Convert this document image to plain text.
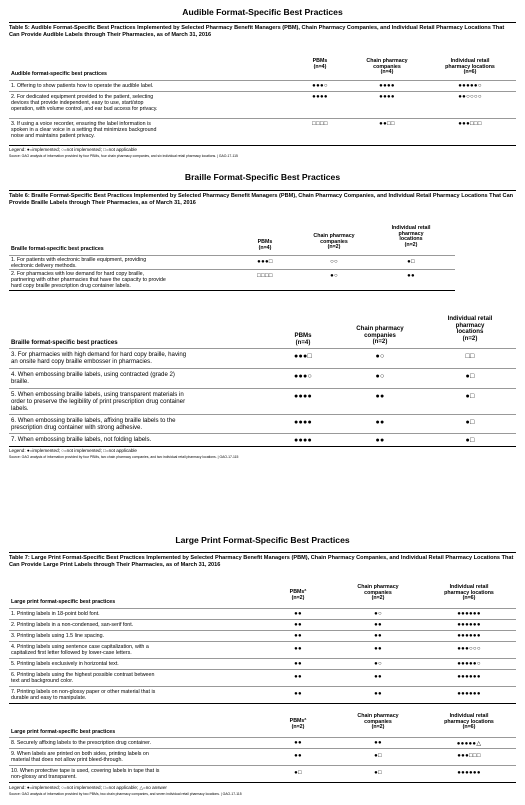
Audible Format-Specific Best Practices
Table 5: Audible Format-Specific Best Practices Implemented by Selected Pharmacy Benefit Managers (PBM), Chain Pharmacy Companies, and Individual Retail Pharmacy Locations That Can Provide Audible Labels through Their Pharmacies, as of March 31, 2016
Audible format-specific best practices
PBMs
(n=4)
Chain pharmacy
companies
(n=4)
Individual retail
pharmacy locations
(n=6)
1. Offering to show patients how to operate the audible label.	●●●○	●●●●	●●●●●○
2. For dedicated equipment provided to the patient, selecting
devices that provide independent, easy to use, start/stop
operation, with volume control, and ear bud access for privacy.
●●●●	●●●●	●●○○○○
3. If using a voice recorder, ensuring the label information is
spoken in a clear voice in a setting that minimizes background
noise and maintains patient privacy.
□□□□	●●□□	●●●□□□
Legend: ●=implemented; ○=not implemented; □=not applicable
Source: GAO analysis of information provided by four PBMs, four chain pharmacy companies, and six individual retail pharmacy locations. | GAO-17-115
Braille Format-Specific Best Practices
Table 6: Braille Format-Specific Best Practices Implemented by Selected Pharmacy Benefit Managers (PBM), Chain Pharmacy Companies, and Individual Retail Pharmacy Locations That Can Provide Braille Labels through Their Pharmacies, as of March 31, 2016
Braille format-specific best practices
PBMs
(n=4)
Chain pharmacy
companies
(n=2)
Individual retail
pharmacy
locations
(n=2)
1. For patients with electronic braille equipment, providing
electronic delivery methods.
●●●□	○○	●□
2. For pharmacies with low demand for hard copy braille,
partnering with other pharmacies that have the capacity to provide
hard copy braille prescription drug container labels.
□□□□	●○	●●
Braille format-specific best practices
PBMs
(n=4)
Chain pharmacy
companies
(n=2)
Individual retail
pharmacy
locations
(n=2)
3. For pharmacies with high demand for hard copy braille, having
an onsite hard copy braille embosser in pharmacies.
●●●□	●○	□□
4. When embossing braille labels, using contracted (grade 2)
braille.
●●●○	●○	●□
5. When embossing braille labels, using transparent materials in
order to preserve the legibility of print prescription drug container
labels.
●●●●	●●	●□
6. When embossing braille labels, affixing braille labels to the
prescription drug container with strong adhesive.
●●●●	●●	●□
7. When embossing braille labels, not folding labels.	●●●●	●●	●□
Legend: ●=implemented; ○=not implemented; □=not applicable
Source: GAO analysis of information provided by four PBMs, two chain pharmacy companies, and two individual retail pharmacy locations. | GAO-17-115
Large Print Format-Specific Best Practices
Table 7: Large Print Format-Specific Best Practices Implemented by Selected Pharmacy Benefit Managers (PBM), Chain Pharmacy Companies, and Individual Retail Pharmacy Locations That Can Provide Large Print Labels through Their Pharmacies, as of March 31, 2016
Large print format-specific best practices
PBMsª
(n=2)
Chain pharmacy
companies
(n=2)
Individual retail
pharmacy locations
(n=6)
1. Printing labels in 18-point bold font.	●●	●○	●●●●●●
2. Printing labels in a non-condensed, san-serif font.	●●	●●	●●●●●●
3. Printing labels using 1.5 line spacing.	●●	●●	●●●●●●
4. Printing labels using sentence case capitalization, with a
capitalized first letter followed by lower-case letters.
●●	●●	●●●○○○
5. Printing labels exclusively in horizontal text.	●●	●○	●●●●●○
6. Printing labels using the highest possible contrast between
text and background color.
●●	●●	●●●●●●
7. Printing labels on non-glossy paper or other material that is
durable and easy to manipulate.
●●	●●	●●●●●●
Large print format-specific best practices
PBMsª
(n=2)
Chain pharmacy
companies
(n=2)
Individual retail
pharmacy locations
(n=6)
8. Securely affixing labels to the prescription drug container.	●●	●●	●●●●●△
9. When labels are printed on both sides, printing labels on
material that does not allow print bleed-through.
●●	●□	●●●□□□
10. When protective tape is used, covering labels in tape that is
non-glossy and transparent.
●□	●□	●●●●●●
Legend: ●=implemented; ○=not implemented; □=not applicable; △=no answer
Source: GAO analysis of information provided by two PBMs, two chain pharmacy companies, and seven individual retail pharmacy locations. | GAO-17-115
